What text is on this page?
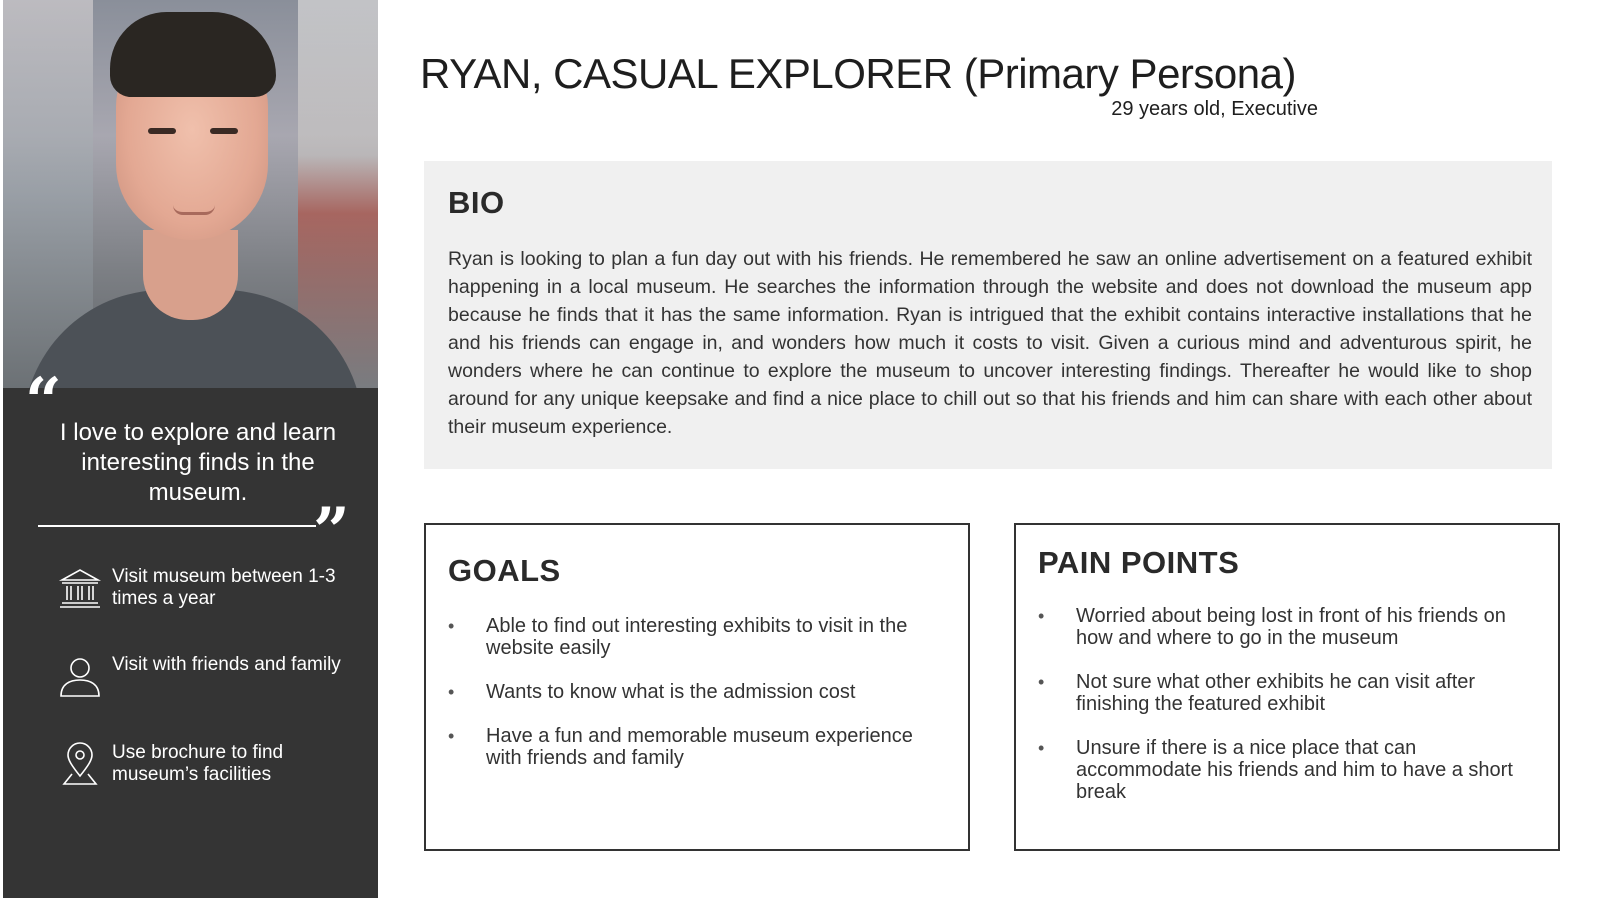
“
I love to explore and learn interesting finds in the museum.
”
Visit museum between 1-3 times a year
Visit with friends and family
Use brochure to find museum’s facilities
RYAN, CASUAL EXPLORER (Primary Persona)
29 years old, Executive
BIO
Ryan is looking to plan a fun day out with his friends. He remembered he saw an online advertisement on a featured exhibit happening in a local museum. He searches the information through the website and does not download the museum app because he finds that it has the same information. Ryan is intrigued that the exhibit contains interactive installations that he and his friends can engage in, and wonders how much it costs to visit. Given a curious mind and adventurous spirit, he wonders where he can continue to explore the museum to uncover interesting findings. Thereafter he would like to shop around for any unique keepsake and find a nice place to chill out so that his friends and him can share with each other about their museum experience.
GOALS
• Able to find out interesting exhibits to visit in the website easily
• Wants to know what is the admission cost
• Have a fun and memorable museum experience with friends and family
PAIN POINTS
• Worried about being lost in front of his friends on how and where to go in the museum
• Not sure what other exhibits he can visit after finishing the featured exhibit
• Unsure if there is a nice place that can accommodate his friends and him to have a short break
